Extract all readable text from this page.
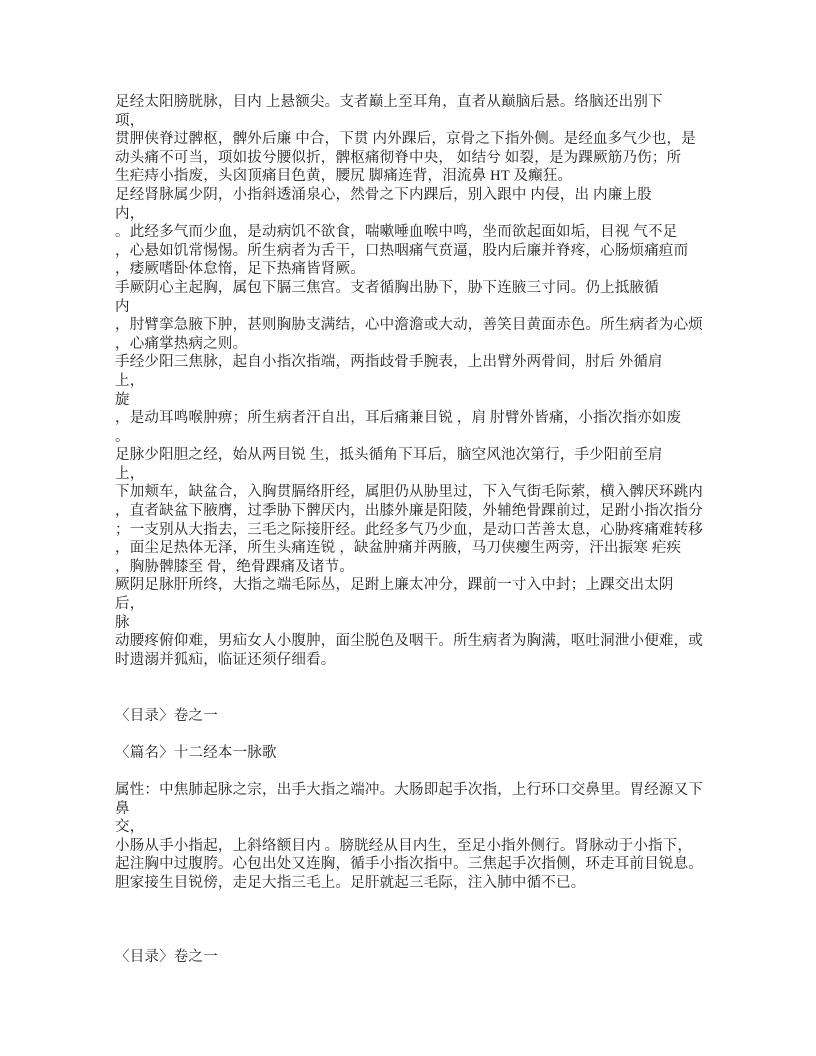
足经太阳膀胱脉，目内 上悬额尖。支者巅上至耳角，直者从巅脑后悬。络脑还出别下
项，
贯胛侠脊过髀枢，髀外后廉 中合，下贯 内外踝后，京骨之下指外侧。是经血多气少也，是
动头痛不可当，项如拔兮腰似折，髀枢痛彻脊中央， 如结兮 如裂，是为踝厥筋乃伤；所
生疟痔小指废，头囟顶痛目色黄，腰尻 脚痛连背，泪流鼻 HT 及癫狂。
足经肾脉属少阴，小指斜透涌泉心，然骨之下内踝后，别入跟中 内侵，出 内廉上股
内，
。此经多气而少血，是动病饥不欲食，喘嗽唾血喉中鸣，坐而欲起面如垢，目视 气不足
，心悬如饥常惕惕。所生病者为舌干，口热咽痛气贲逼，股内后廉并脊疼，心肠烦痛疸而
，痿厥嗜卧体怠惰，足下热痛皆肾厥。
手厥阴心主起胸，属包下膈三焦宫。支者循胸出胁下，胁下连腋三寸同。仍上抵腋循
内
，肘臂挛急腋下肿，甚则胸胁支满结，心中澹澹或大动，善笑目黄面赤色。所生病者为心烦
，心痛掌热病之则。
手经少阳三焦脉，起自小指次指端，两指歧骨手腕表，上出臂外两骨间，肘后 外循肩
上，
旋
，是动耳鸣喉肿痹；所生病者汗自出，耳后痛兼目锐 ，肩 肘臂外皆痛，小指次指亦如废
。
足脉少阳胆之经，始从两目锐 生，抵头循角下耳后，脑空风池次第行，手少阳前至肩
上，
下加颊车，缺盆合，入胸贯膈络肝经，属胆仍从胁里过，下入气街毛际萦，横入髀厌环跳内
，直者缺盆下腋膺，过季胁下髀厌内，出膝外廉是阳陵，外辅绝骨踝前过，足跗小指次指分
；一支别从大指去，三毛之际接肝经。此经多气乃少血，是动口苦善太息，心胁疼痛难转移
，面尘足热体无泽，所生头痛连锐 ，缺盆肿痛并两腋，马刀侠瘿生两旁，汗出振寒 疟疾
，胸胁髀膝至 骨，绝骨踝痛及诸节。
厥阴足脉肝所终，大指之端毛际丛，足跗上廉太冲分，踝前一寸入中封；上踝交出太阴
后，
脉
动腰疼俯仰难，男疝女人小腹肿，面尘脱色及咽干。所生病者为胸满，呕吐洞泄小便难，或
时遗溺并狐疝，临证还须仔细看。
〈目录〉卷之一
〈篇名〉十二经本一脉歌
属性：中焦肺起脉之宗，出手大指之端冲。大肠即起手次指，上行环口交鼻里。胃经源又下鼻
交，
小肠从手小指起，上斜络额目内 。膀胱经从目内生，至足小指外侧行。肾脉动于小指下，
起注胸中过腹胯。心包出处又连胸，循手小指次指中。三焦起手次指侧，环走耳前目锐息。
胆家接生目锐傍，走足大指三毛上。足肝就起三毛际，注入肺中循不已。
〈目录〉卷之一
